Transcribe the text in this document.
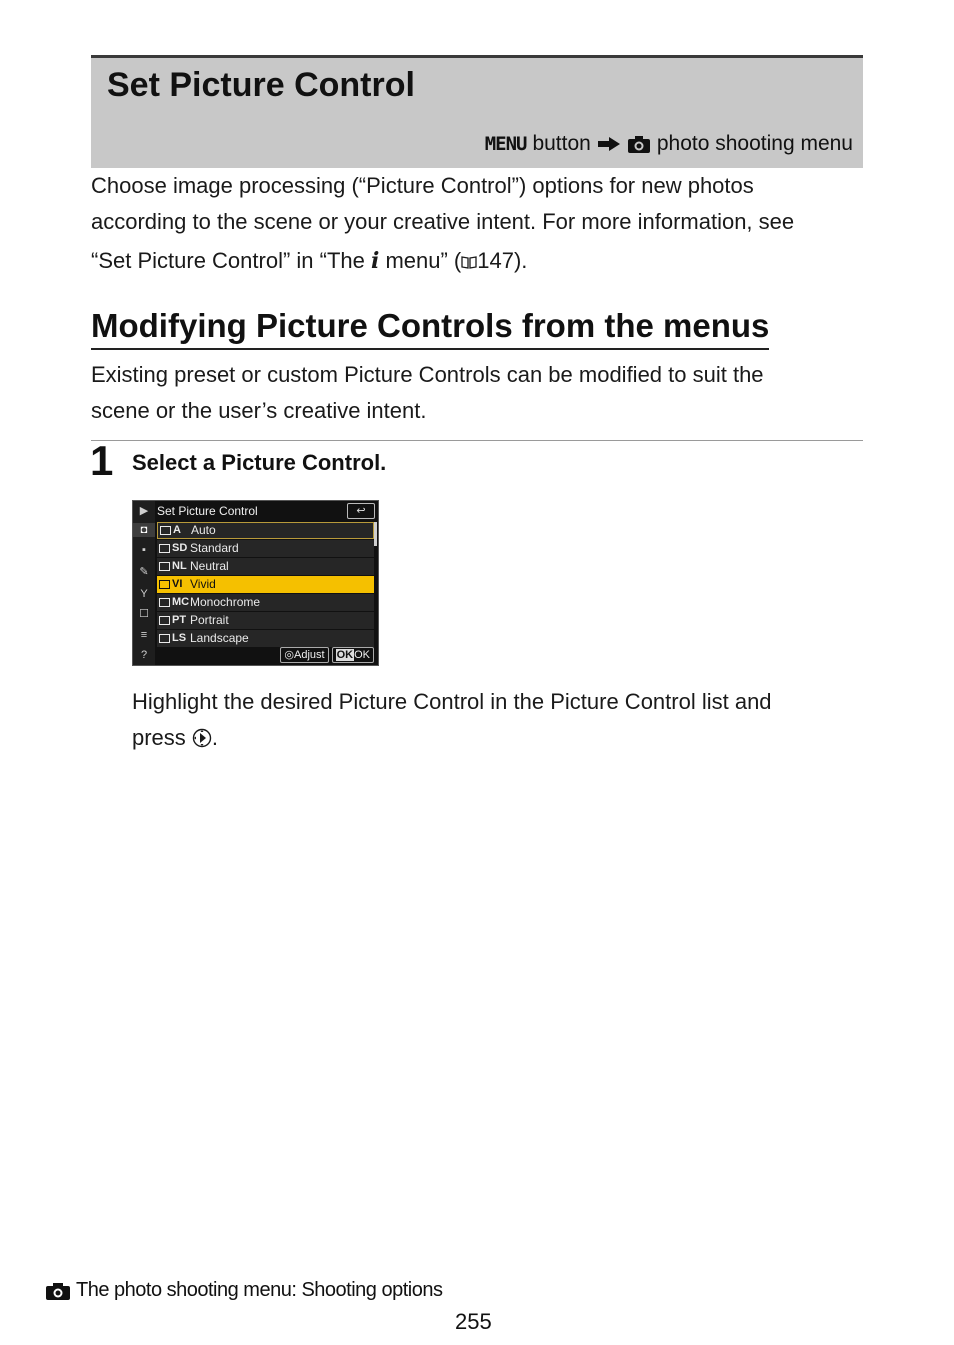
Set Picture Control
MENU button	photo shooting menu
Choose image processing (“Picture Control”) options for new photos
according to the scene or your creative intent. For more information, see
“Set Picture Control” in “The i menu” ( 147).
Modifying Picture Controls from the menus
Existing preset or custom Picture Controls can be modified to suit the
scene or the user’s creative intent.
1 Select a Picture Control.
▶
◘
▪
✎
Y
☐
≡
?
Set Picture Control	↩
A Auto
SD Standard
NL Neutral
VI Vivid
MC Monochrome
PT Portrait
LS Landscape
◎Adjust	OKOK
Highlight the desired Picture Control in the Picture Control list and
press .
The photo shooting menu: Shooting options
255
